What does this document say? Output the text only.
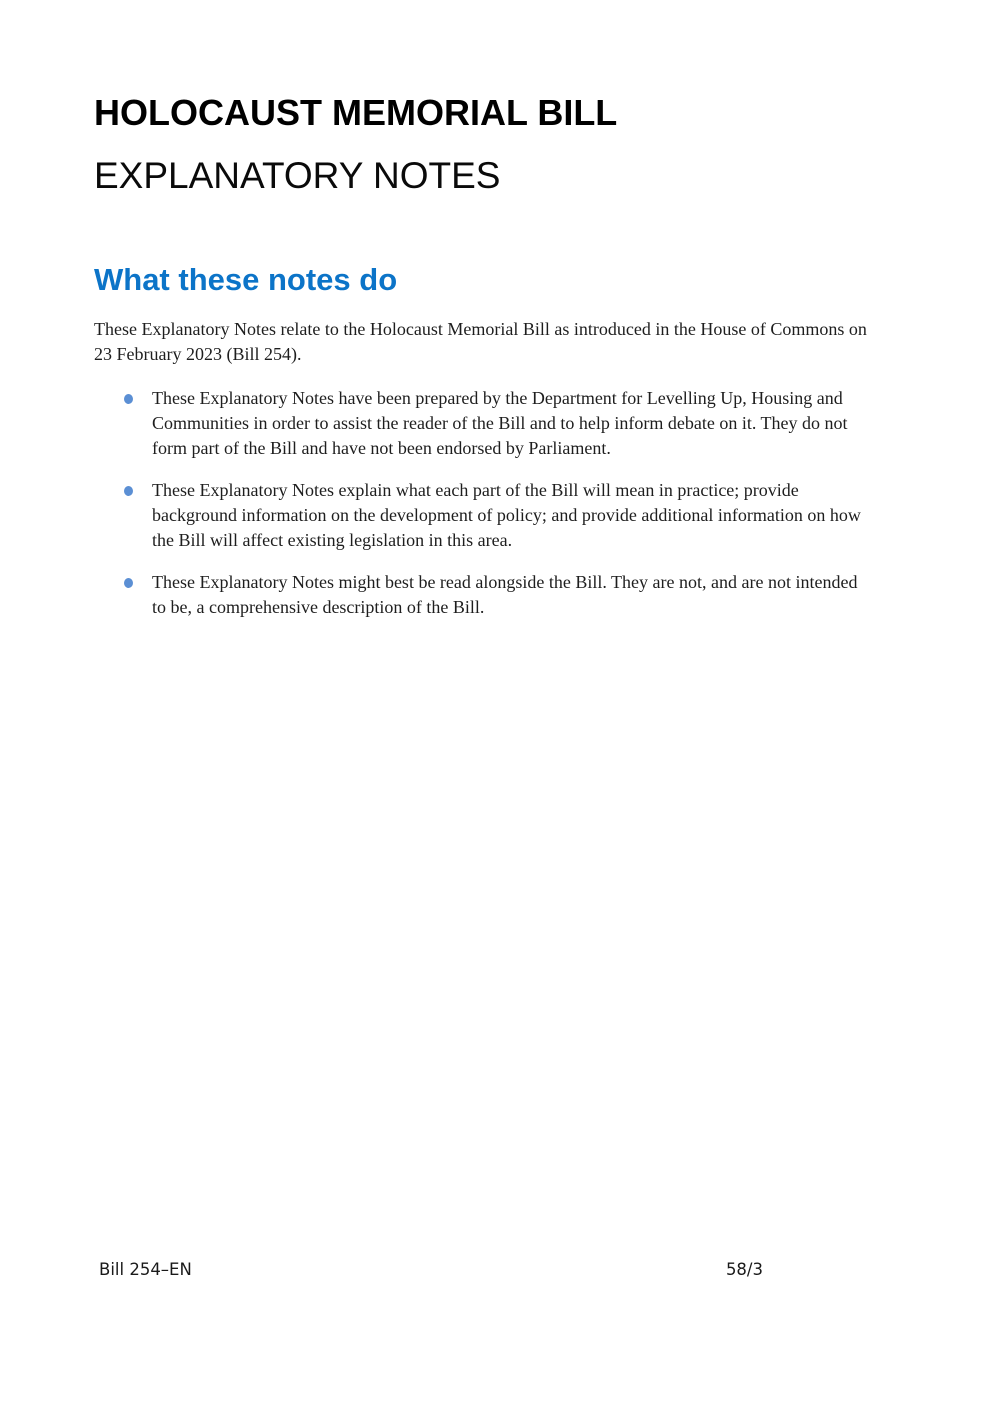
HOLOCAUST MEMORIAL BILL
EXPLANATORY NOTES
What these notes do

These Explanatory Notes relate to the Holocaust Memorial Bill as introduced in the House of Commons on 23 February 2023 (Bill 254).

These Explanatory Notes have been prepared by the Department for Levelling Up, Housing and Communities in order to assist the reader of the Bill and to help inform debate on it. They do not form part of the Bill and have not been endorsed by Parliament.
These Explanatory Notes explain what each part of the Bill will mean in practice; provide background information on the development of policy; and provide additional information on how the Bill will affect existing legislation in this area.
These Explanatory Notes might best be read alongside the Bill. They are not, and are not intended to be, a comprehensive description of the Bill.
Bill 254–EN	58/3
